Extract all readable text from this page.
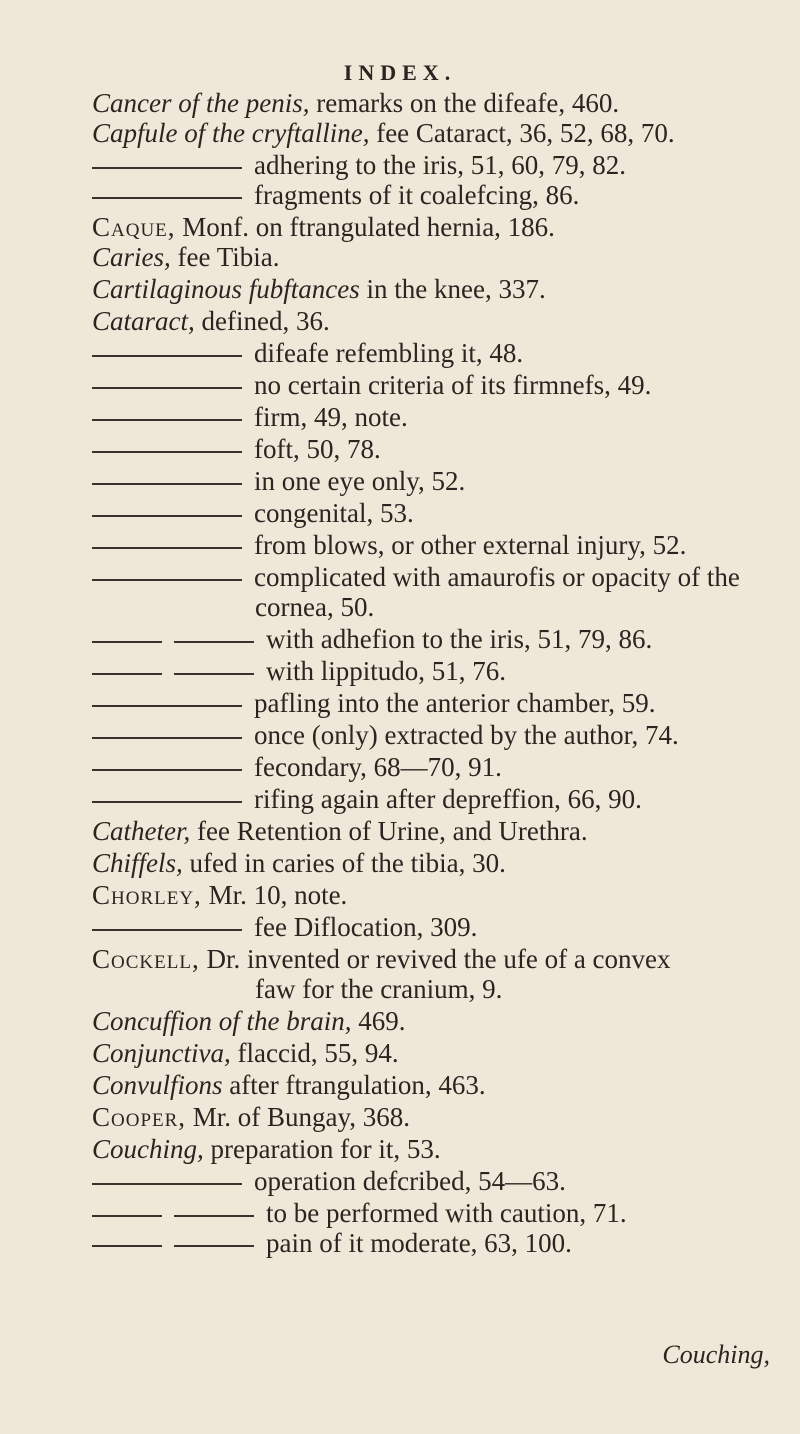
INDEX.
Cancer of the penis, remarks on the difeafe, 460.
Capfule of the cryftalline, fee Cataract, 36, 52, 68, 70.
adhering to the iris, 51, 60, 79, 82.
fragments of it coalefcing, 86.
Caque, Monf. on ftrangulated hernia, 186.
Caries, fee Tibia.
Cartilaginous fubftances in the knee, 337.
Cataract, defined, 36.
difeafe refembling it, 48.
no certain criteria of its firmnefs, 49.
firm, 49, note.
foft, 50, 78.
in one eye only, 52.
congenital, 53.
from blows, or other external injury, 52.
complicated with amaurofis or opacity of the
cornea, 50.
with adhefion to the iris, 51, 79, 86.
with lippitudo, 51, 76.
pafling into the anterior chamber, 59.
once (only) extracted by the author, 74.
fecondary, 68—70, 91.
rifing again after depreffion, 66, 90.
Catheter, fee Retention of Urine, and Urethra.
Chiffels, ufed in caries of the tibia, 30.
Chorley, Mr. 10, note.
fee Diflocation, 309.
Cockell, Dr. invented or revived the ufe of a convex
faw for the cranium, 9.
Concuffion of the brain, 469.
Conjunctiva, flaccid, 55, 94.
Convulfions after ftrangulation, 463.
Cooper, Mr. of Bungay, 368.
Couching, preparation for it, 53.
operation defcribed, 54—63.
to be performed with caution, 71.
pain of it moderate, 63, 100.
Couching,
